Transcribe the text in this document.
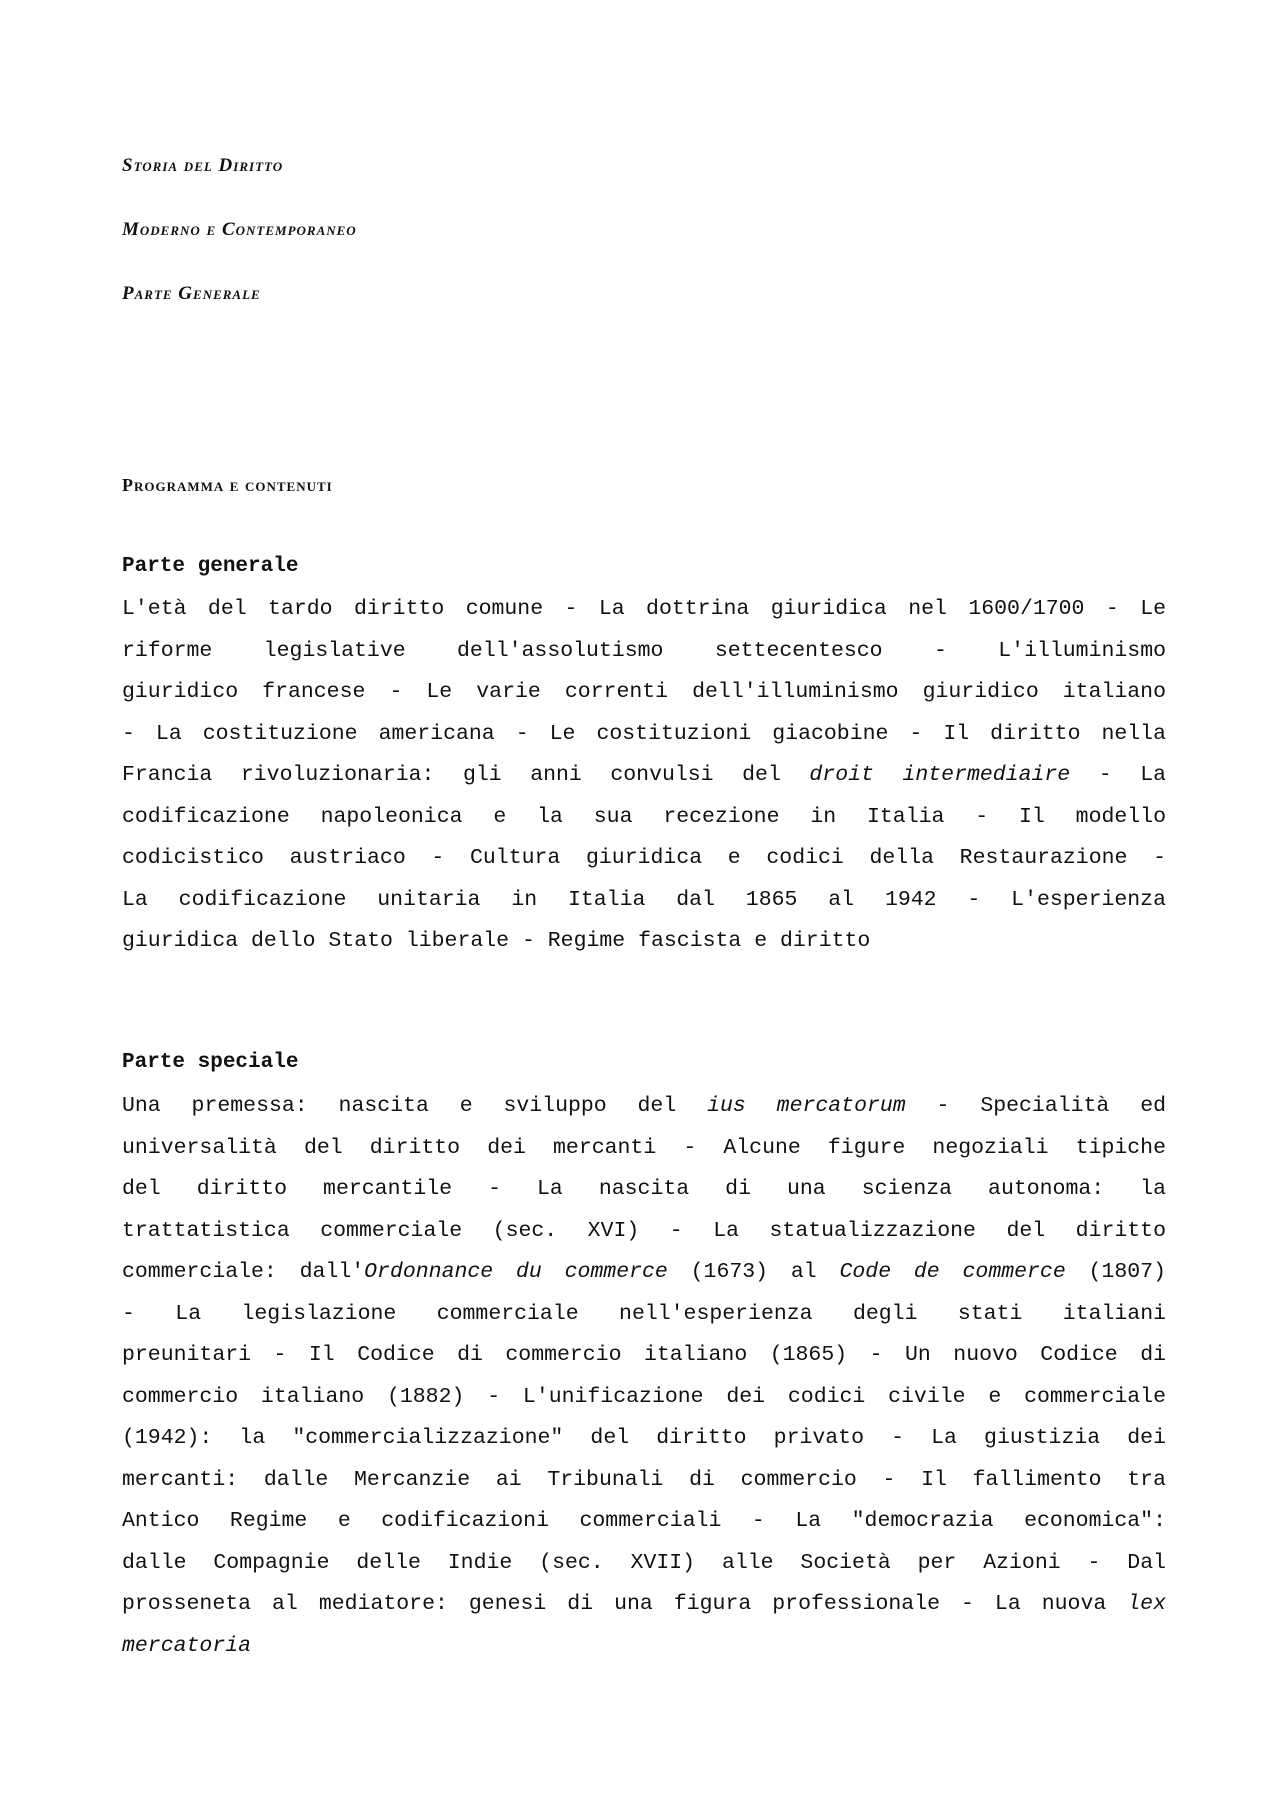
Storia del Diritto
Moderno e Contemporaneo
Parte Generale
Programma e contenuti
Parte generale
L'età del tardo diritto comune - La dottrina giuridica nel 1600/1700 - Le
riforme legislative dell'assolutismo settecentesco - L'illuminismo
giuridico francese - Le varie correnti dell'illuminismo giuridico italiano
- La costituzione americana - Le costituzioni giacobine - Il diritto nella
Francia rivoluzionaria: gli anni convulsi del droit intermediaire - La
codificazione napoleonica e la sua recezione in Italia - Il modello
codicistico austriaco - Cultura giuridica e codici della Restaurazione -
La codificazione unitaria in Italia dal 1865 al 1942 - L'esperienza
giuridica dello Stato liberale - Regime fascista e diritto
Parte speciale
Una premessa: nascita e sviluppo del ius mercatorum - Specialità ed
universalità del diritto dei mercanti - Alcune figure negoziali tipiche
del diritto mercantile - La nascita di una scienza autonoma: la
trattatistica commerciale (sec. XVI) - La statualizzazione del diritto
commerciale: dall'Ordonnance du commerce (1673) al Code de commerce (1807)
- La legislazione commerciale nell'esperienza degli stati italiani
preunitari - Il Codice di commercio italiano (1865) - Un nuovo Codice di
commercio italiano (1882) - L'unificazione dei codici civile e commerciale
(1942): la "commercializzazione" del diritto privato - La giustizia dei
mercanti: dalle Mercanzie ai Tribunali di commercio - Il fallimento tra
Antico Regime e codificazioni commerciali - La "democrazia economica":
dalle Compagnie delle Indie (sec. XVII) alle Società per Azioni - Dal
prosseneta al mediatore: genesi di una figura professionale - La nuova lex
mercatoria
